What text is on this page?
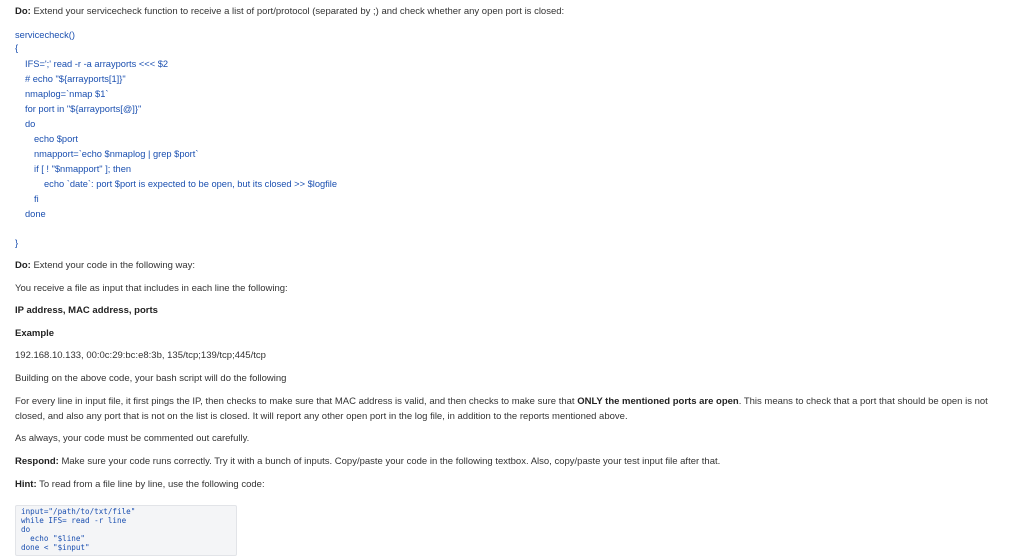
Do: Extend your servicecheck function to receive a list of port/protocol (separated by ;) and check whether any open port is closed:
servicecheck()
{
IFS=';' read -r -a arrayports <<< $2
# echo "${arrayports[1]}"
nmaplog=`nmap $1`
for port in "${arrayports[@]}"
do
echo $port
nmapport=`echo $nmaplog | grep $port`
if [ ! "$nmapport" ]; then
echo `date`: port $port is expected to be open, but its closed >> $logfile
fi
done
}
Do: Extend your code in the following way:
You receive a file as input that includes in each line the following:
IP address, MAC address, ports
Example
192.168.10.133, 00:0c:29:bc:e8:3b, 135/tcp;139/tcp;445/tcp
Building on the above code, your bash script will do the following
For every line in input file, it first pings the IP, then checks to make sure that MAC address is valid, and then checks to make sure that ONLY the mentioned ports are open. This means to check that a port that should be open is not closed, and also any port that is not on the list is closed. It will report any other open port in the log file, in addition to the reports mentioned above.
As always, your code must be commented out carefully.
Respond: Make sure your code runs correctly. Try it with a bunch of inputs. Copy/paste your code in the following textbox. Also, copy/paste your test input file after that.
Hint: To read from a file line by line, use the following code:
input="/path/to/txt/file"
while IFS= read -r line
do
echo "$line"
done < "$input"
